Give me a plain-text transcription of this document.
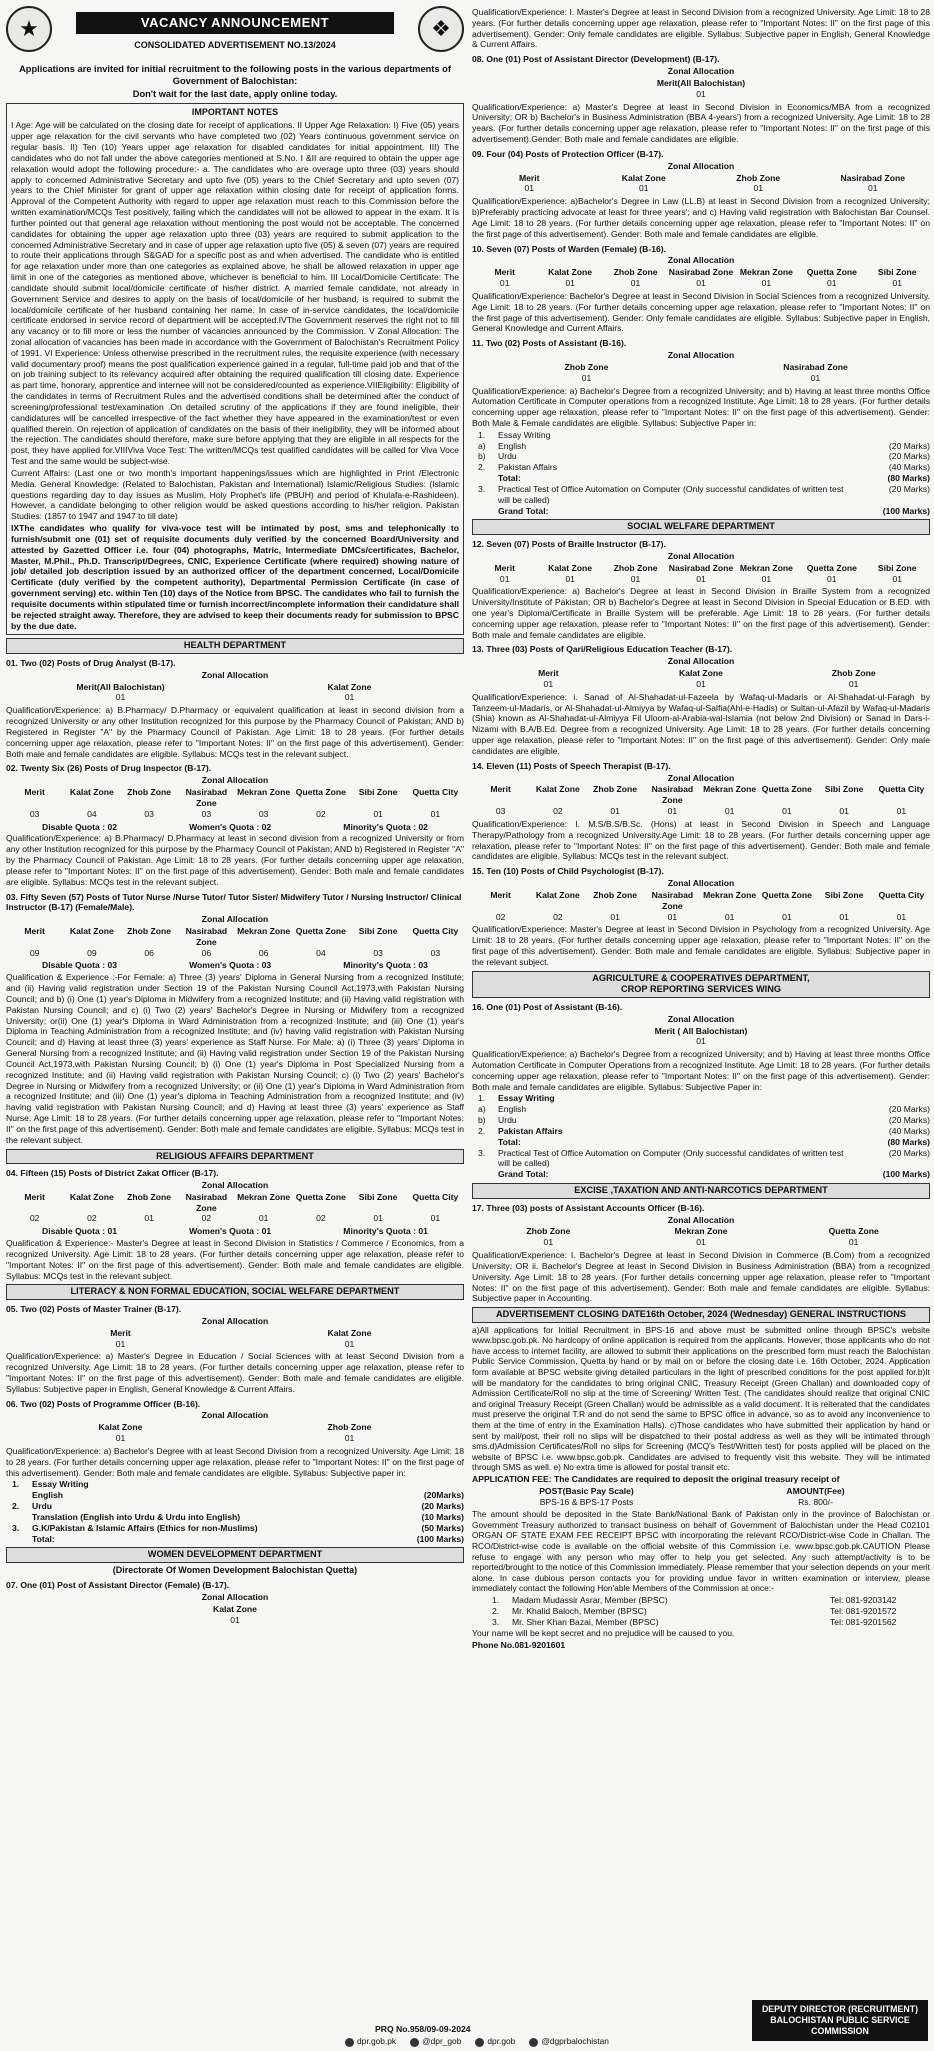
★	VACANCY ANNOUNCEMENT	❖
CONSOLIDATED ADVERTISEMENT NO.13/2024
Applications are invited for initial recruitment to the following posts in the various departments of Government of Balochistan:
Don't wait for the last date, apply online today.
IMPORTANT NOTES

I Age: Age will be calculated on the closing date for receipt of applications. II Upper Age Relaxation: I) Five (05) years upper age relaxation for the civil servants who have completed two (02) Years continuous government service on regular basis. II) Ten (10) Years upper age relaxation for disabled candidates for initial appointment. III) The candidates who do not fall under the above categories mentioned at S.No. I &II are required to obtain the upper age relaxation would adopt the following procedure:- a. The candidates who are overage upto three (03) years should apply to concerned Administrative Secretary and upto five (05) years to the Chief Secretary and upto seven (07) years to the Chief Minister for grant of upper age relaxation within closing date for receipt of application forms. Approval of the Competent Authority with regard to upper age relaxation must reach to this Commission before the written examination/MCQs Test positively, failing which the candidates will not be allowed to appear in the exam. It is further pointed out that general age relaxation without mentioning the post would not be acceptable. The concerned candidates for obtaining the upper age relaxation upto three (03) years are required to submit application to the concerned Administrative Secretary and in case of upper age relaxation upto five (05) & seven (07) years are required to route their applications through S&GAD for a specific post as and when advertised. The candidate who is entitled for age relaxation under more than one categories as explained above, he shall be allowed relaxation in upper age limit in one of the categories as mentioned above, whichever is beneficial to him. III Local/Domicile Certificate: The candidate should submit local/domicile certificate of his/her district. A married female candidate, not already in Government Service and desires to apply on the basis of local/domicile of her husband, is required to submit the local/domicile certificate of her husband containing her name. In case of in-service candidates, the local/domicile certificate endorsed in service record of department will be accepted.IVThe Government reserves the right not to fill any vacancy or to fill more or less the number of vacancies announced by the Commission. V Zonal Allocation: The zonal allocation of vacancies has been made in accordance with the Government of Balochistan's Recruitment Policy of 1991. VI Experience: Unless otherwise prescribed in the recruitment rules, the requisite experience (with necessary valid documentary proof) means the post qualification experience gained in a regular, full-time paid job and that of the on job training subject to its relevancy acquired after obtaining the required qualification till closing date. Experience as part time, honorary, apprentice and internee will not be considered/counted as experience.VIIEligibility: Eligibility of the candidates in terms of Recruitment Rules and the advertised conditions shall be determined after the conduct of screening/professional test/examination .On detailed scrutiny of the applications if they are found ineligible, their candidatures will be cancelled irrespective of the fact whether they have appeared in the examination/test or even qualified therein. On rejection of application of candidates on the basis of their ineligibility, they will be informed about the rejection. The candidates should therefore, make sure before applying that they are eligible in all respects for the post, they have applied for.VIIIViva Voce Test: The written/MCQs test qualified candidates will be called for Viva Voce Test and the same would be subject-wise.

Current Affairs: (Last one or two month's important happenings/issues which are highlighted in Print /Electronic Media. General Knowledge: (Related to Balochistan, Pakistan and International) Islamic/Religious Studies: (Islamic questions regarding day to day issues as Muslim, Holy Prophet's life (PBUH) and period of Khulafa-e-Rashideen). However, a candidate belonging to other religion would be asked questions according to his/her religion. Pakistan Studies: (1857 to 1947 and 1947 to till date)

IXThe candidates who qualify for viva-voce test will be intimated by post, sms and telephonically to furnish/submit one (01) set of requisite documents duly verified by the concerned Board/University and attested by Gazetted Officer i.e. four (04) photographs, Matric, Intermediate DMCs/certificates, Bachelor, Master, M.Phil., Ph.D. Transcript/Degrees, CNIC, Experience Certificate (where required) showing nature of job/ detailed job description issued by an authorized officer of the department concerned, Local/Domicile Certificate (duly verified by the competent authority), Departmental Permission Certificate (in case of government serving) etc. within Ten (10) days of the Notice from BPSC. The candidates who fail to furnish the requisite documents within stipulated time or furnish incorrect/incomplete information their candidature shall be rejected straight away. Therefore, they are advised to keep their documents ready for submission to BPSC by the due date.

HEALTH DEPARTMENT
01. Two (02) Posts of Drug Analyst (B-17).
Zonal Allocation
Merit(All Balochistan)	Kalat Zone
01	01

Qualification/Experience: a) B.Pharmacy/ D.Pharmacy or equivalent qualification at least in second division from a recognized University or any other Institution recognized for this purpose by the Pharmacy Council of Pakistan; AND b) Registered in Register "A" by the Pharmacy Council of Pakistan. Age Limit: 18 to 28 years. (For further details concerning upper age relaxation, please refer to "Important Notes: II" on the first page of this advertisement). Gender: Both male and female candidates are eligible. Syllabus: MCQs test in the relevant subject.

02. Twenty Six (26) Posts of Drug Inspector (B-17).
Zonal Allocation
Merit	Kalat Zone	Zhob Zone	Nasirabad Zone
Mekran Zone Quetta Zone	Sibi Zone	Quetta City
03	04	03	03	03	02	01	01
Disable Quota : 02	Women's Quota : 02	Minority's Quota : 02

Qualification/Experience: a) B.Pharmacy/ D.Pharmacy at least in second division from a recognized University or from any other Institution recognized for this purpose by the Pharmacy Council of Pakistan; AND b) Registered in Register "A" by the Pharmacy Council of Pakistan. Age Limit: 18 to 28 years. (For further details concerning upper age relaxation, please refer to "Important Notes: II" on the first page of this advertisement). Gender: Both male and female candidates are eligible. Syllabus: MCQs test in the relevant subject.

03. Fifty Seven (57) Posts of Tutor Nurse /Nurse Tutor/ Tutor Sister/ Midwifery Tutor / Nursing Instructor/ Clinical Instructor (B-17) (Female/Male).
Zonal Allocation
Merit	Kalat Zone	Zhob Zone	Nasirabad Zone
Mekran Zone Quetta Zone	Sibi Zone	Quetta City
09	09	06	06	06	04	03	03
Disable Quota : 03	Women's Quota : 03	Minority's Quota : 03

Qualification & Experience :-For Female: a) Three (3) years' Diploma in General Nursing from a recognized Institute; and (ii) Having valid registration under Section 19 of the Pakistan Nursing Council Act,1973,with Pakistan Nursing Council; and b) (i) One (1) year's Diploma in Midwifery from a recognized Institute; and (ii) Having valid registration with Pakistan Nursing Council; and c) (i) Two (2) years' Bachelor's Degree in Nursing or Midwifery from a recognized University; or(ii) One (1) year's Diploma in Ward Administration from a recognized Institute; and (iii) One (1) year's Diploma in Teaching Administration from a recognized Institute; and (iv) having valid registration with Pakistan Nursing Council; and d) Having at least three (3) years' experience as Staff Nurse. For Male: a) (i) Three (3) years' Diploma in General Nursing from a recognized Institute; and (ii) Having valid registration under Section 19 of the Pakistan Nursing Council Act,1973,with Pakistan Nursing Council; b) (i) One (1) year's Diploma in Post Specialized Nursing from a recognized Institute; and (ii) Having valid registration with Pakistan Nursing Council; c) (i) Two (2) years' Bachelor's Degree in Nursing or Midwifery from a recognized University; or (ii) One (1) year's Diploma in Ward Administration from a recognized Institute; and (iii) One (1) year's diploma in Teaching Administration from a recognized Institute; and (iv) having valid registration with Pakistan Nursing Council; and d) Having at least three (3) years' experience as Staff Nurse. Age Limit: 18 to 28 years. (For further details concerning upper age relaxation, please refer to "Important Notes: II" on the first page of this advertisement). Gender: Both male and female candidates are eligible. Syllabus: MCQs test in the relevant subject.

RELIGIOUS AFFAIRS DEPARTMENT
04. Fifteen (15) Posts of District Zakat Officer (B-17).
Zonal Allocation
Merit	Kalat Zone	Zhob Zone	Nasirabad Zone
Mekran Zone Quetta Zone	Sibi Zone	Quetta City
02	02	01	02	01	02	01	01
Disable Quota : 01	Women's Quota : 01	Minority's Quota : 01

Qualification & Experience:- Master's Degree at least in Second Division in Statistics / Commerce / Economics, from a recognized University. Age Limit: 18 to 28 years. (For further details concerning upper age relaxation, please refer to "Important Notes: II" on the first page of this advertisement). Gender: Both male and female candidates are eligible. Syllabus: MCQs test in the relevant subject.

LITERACY & NON FORMAL EDUCATION, SOCIAL WELFARE DEPARTMENT
05. Two (02) Posts of Master Trainer (B-17).
Zonal Allocation
Merit	Kalat Zone
01	01

Qualification/Experience: a) Master's Degree in Education / Social Sciences with at least Second Division from a recognized University. Age Limit: 18 to 28 years. (For further details concerning upper age relaxation, please refer to "Important Notes: II" on the first page of this advertisement). Gender: Both male and female candidates are eligible. Syllabus: Subjective paper in English, General Knowledge & Current Affairs.

06. Two (02) Posts of Programme Officer (B-16).
Zonal Allocation
Kalat Zone	Zhob Zone
01	01

Qualification/Experience: a) Bachelor's Degree with at least Second Division from a recognized University. Age Limit: 18 to 28 years. (For further details concerning upper age relaxation, please refer to "Important Notes: II" on the first page of this advertisement). Gender: Both male and female candidates are eligible. Syllabus: Subjective paper in:

1.	Essay Writing
English	(20Marks)
2.	Urdu	(20 Marks)
Translation (English into Urdu & Urdu into English)	(10 Marks)
3.	G.K/Pakistan & Islamic Affairs (Ethics for non-Muslims)	(50 Marks)
Total:	(100 Marks)
WOMEN DEVELOPMENT DEPARTMENT
(Directorate Of Women Development Balochistan Quetta)
07. One (01) Post of Assistant Director (Female) (B-17).
Zonal Allocation
Kalat Zone
01

Qualification/Experience: I. Master's Degree at least in Second Division from a recognized University. Age Limit: 18 to 28 years. (For further details concerning upper age relaxation, please refer to "Important Notes: II" on the first page of this advertisement). Gender: Only female candidates are eligible. Syllabus: Subjective paper in English, General Knowledge & Current Affairs.

08. One (01) Post of Assistant Director (Development) (B-17).
Zonal Allocation
Merit(All Balochistan)
01

Qualification/Experience: a) Master's Degree at least in Second Division in Economics/MBA from a recognized University; OR b) Bachelor's in Business Administration (BBA 4-years') from a recognized University. Age Limit: 18 to 28 years. (For further details concerning upper age relaxation, please refer to "Important Notes: II" on the first page of this advertisement).Gender: Both male and female candidates are eligible.

09. Four (04) Posts of Protection Officer (B-17).
Zonal Allocation
Merit	Kalat Zone	Zhob Zone	Nasirabad Zone
01	01	01	01

Qualification/Experience: a)Bachelor's Degree in Law (LL.B) at least in Second Division from a recognized University; b)Preferably practicing advocate at least for three years'; and c) Having valid registration with Balochistan Bar Counsel. Age Limit: 18 to 28 years. (For further details concerning upper age relaxation, please refer to "Important Notes: II" on the first page of this advertisement). Gender: Both male and female candidates are eligible.

10. Seven (07) Posts of Warden (Female) (B-16).
Zonal Allocation
Merit	Kalat Zone	Zhob Zone	Nasirabad Zone Mekran Zone	Quetta Zone	Sibi Zone
01	01	01	01	01	01	01

Qualification/Experience: Bachelor's Degree at least in Second Division in Social Sciences from a recognized University. Age Limit: 18 to 28 years. (For further details concerning upper age relaxation, please refer to "Important Notes: II" on the first page of this advertisement). Gender: Only female candidates are eligible. Syllabus: Subjective paper in English, General Knowledge and Current Affairs.

11. Two (02) Posts of Assistant (B-16).
Zonal Allocation
Zhob Zone	Nasirabad Zone
01	01

Qualification/Experience: a) Bachelor's Degree from a recognized University; and b) Having at least three months Office Automation Certificate in Computer operations from a recognized Institute. Age Limit: 18 to 28 years. (For further details concerning upper age relaxation, please refer to "Important Notes: II" on the first page of this advertisement). Gender: Both Male & Female candidates are eligible. Syllabus: Subjective Paper in:

1.	Essay Writing
a)	English	(20 Marks)
b)	Urdu	(20 Marks)
2.	Pakistan Affairs	(40 Marks)
Total:	(80 Marks)
3.	Practical Test of Office Automation on Computer (Only successful candidates of written test will be called)
(20 Marks)
Grand Total:	(100 Marks)
SOCIAL WELFARE DEPARTMENT
12. Seven (07) Posts of Braille Instructor (B-17).
Zonal Allocation
Merit	Kalat Zone	Zhob Zone	Nasirabad Zone Mekran Zone	Quetta Zone	Sibi Zone
01	01	01	01	01	01	01

Qualification/Experience: a) Bachelor's Degree at least in Second Division in Braille System from a recognized University/Institute of Pakistan; OR b) Bachelor's Degree at least in Second Division in Special Education or B.ED. with one year's Diploma/Certificate in Braille System will be preferable. Age Limit: 18 to 28 years. (For further details concerning upper age relaxation, please refer to "Important Notes: II" on the first page of this advertisement). Gender: Both male and female candidates are eligible.

13. Three (03) Posts of Qari/Religious Education Teacher (B-17).
Zonal Allocation
Merit	Kalat Zone	Zhob Zone
01	01	01

Qualification/Experience: i. Sanad of Al-Shahadat-ul-Fazeela by Wafaq-ul-Madaris or Al-Shahadat-ul-Faragh by Tanzeem-ul-Madaris, or Al-Shahadat-ul-Almiyya by Wafaq-ul-Salfia(Ahl-e-Hadis) or Sultan-ul-Afazil by Wafaq-ul-Madaris (Shia) known as Al-Shahadat-ul-Almiyya Fil Uloom-al-Arabia-wal-Islamia (not below 2nd Division) or Sanad in Dars-i-Nizami with B.A/B.Ed. Degree from a recognized University. Age Limit: 18 to 28 years. (For further details concerning upper age relaxation, please refer to "Important Notes: II" on the first page of this advertisement). Gender: Only male candidates are eligible.

14. Eleven (11) Posts of Speech Therapist (B-17).
Zonal Allocation
Merit	Kalat Zone	Zhob Zone	Nasirabad Zone
Mekran Zone Quetta Zone	Sibi Zone	Quetta City
03	02	01	01	01	01	01	01

Qualification/Experience: I. M.S/B.S/B.Sc. (Hons) at least in Second Division in Speech and Language Therapy/Pathology from a recognized University.Age Limit: 18 to 28 years. (For further details concerning upper age relaxation, please refer to "Important Notes: II" on the first page of this advertisement). Gender: Both male and female candidates are eligible. Syllabus: MCQs test in the relevant subject.

15. Ten (10) Posts of Child Psychologist (B-17).
Zonal Allocation
Merit	Kalat Zone	Zhob Zone	Nasirabad Zone
Mekran Zone Quetta Zone	Sibi Zone	Quetta City
02	02	01	01	01	01	01	01

Qualification/Experience: Master's Degree at least in Second Division in Psychology from a recognized University. Age Limit: 18 to 28 years. (For further details concerning upper age relaxation, please refer to "Important Notes: II" on the first page of this advertisement). Gender: Both male and female candidates are eligible. Syllabus: Subjective paper in the relevant subject.

AGRICULTURE & COOPERATIVES DEPARTMENT,
CROP REPORTING SERVICES WING
16. One (01) Post of Assistant (B-16).
Zonal Allocation
Merit ( All Balochistan)
01

Qualification/Experience: a) Bachelor's Degree from a recognized University; and b) Having at least three months Office Automation Certificate in Computer Operations from a recognized Institute. Age Limit: 18 to 28 years. (For further details concerning upper age relaxation, please refer to "Important Notes: II" on the first page of this advertisement). Gender: Both male and female candidates are eligible. Syllabus: Subjective Paper in:

1.	Essay Writing
a)	English	(20 Marks)
b)	Urdu	(20 Marks)
2.	Pakistan Affairs	(40 Marks)
Total:	(80 Marks)
3.	Practical Test of Office Automation on Computer (Only successful candidates of written test will be called)
(20 Marks)
Grand Total:	(100 Marks)
EXCISE ,TAXATION AND ANTI-NARCOTICS DEPARTMENT
17. Three (03) posts of Assistant Accounts Officer (B-16).
Zonal Allocation
Zhob Zone	Mekran Zone	Quetta Zone
01	01	01

Qualification/Experience: I. Bachelor's Degree at least in Second Division in Commerce (B.Com) from a recognized University; OR ii. Bachelor's Degree at least in Second Division in Business Administration (BBA) from a recognized University. Age Limit: 18 to 28 years. (For further details concerning upper age relaxation, please refer to "Important Notes: II" on the first page of this advertisement). Gender: Both male and female candidates are eligible. Syllabus: Subjective paper in Accounting.

ADVERTISEMENT CLOSING DATE16th October, 2024 (Wednesday) GENERAL INSTRUCTIONS

a)All applications for Initial Recruitment in BPS-16 and above must be submitted online through BPSC's website www.bpsc.gob.pk. No hardcopy of online application is required from the applicants. However, those applicants who do not have access to internet facility, are allowed to submit their applications on the prescribed form must reach the Balochistan Public Service Commission, Quetta by hand or by mail on or before the closing date i.e. 16th October, 2024. Application form available at BPSC website giving detailed particulars in the light of prescribed conditions for the post applied for.b)It will be mandatory for the candidates to bring original CNIC, Treasury Receipt (Green Challan) and downloaded copy of Admission Certificate/Roll no slip at the time of Screening/ Written Test. (The candidates should realize that original CNIC and original Treasury Receipt (Green Challan) would be admissible as a valid document. It is reiterated that the candidates must preserve the original T.R and do not send the same to BPSC office in advance, so as to avoid any inconvenience to them at the time of entry in the Examination Halls). c)Those candidates who have submitted their application by hand or sent by mail/post, their roll no slips will be dispatched to their postal address as well as they will be intimated through sms.d)Admission Certificates/Roll no slips for Screening (MCQ's Test/Written test) for posts applied will be placed on the website of BPSC i.e. www.bpsc.gob.pk. Candidates are advised to frequently visit this website. They will be intimated through SMS as well. e) No extra time is allowed for postal transit etc.

APPLICATION FEE: The Candidates are required to deposit the original treasury receipt of

POST(Basic Pay Scale)	AMOUNT(Fee)
BPS-16 & BPS-17 Posts	Rs. 800/-

The amount should be deposited in the State Bank/National Bank of Pakistan only in the province of Balochistan or Government Treasury authorized to transact business on behalf of Government of Balochistan under the Head C02101 ORGAN OF STATE EXAM FEE RECEIPT BPSC with incorporating the relevant RCO/District-wise Code in Challan. The RCO/District-wise code is available on the official website of this Commission i.e. www.bpsc.gob.pk.CAUTION Please refuse to engage with any person who may offer to help you get selected. Any such attempt/activity is to be reported/brought to the notice of this Commission immediately. Please remember that your selection depends on your merit alone. In case dubious person contacts you for providing undue favor in written examination or interview, please immediately contact the following Hon'able Members of the Commission at once:-

1.	Madam Mudassir Asrar, Member (BPSC)	Tel: 081-9203142
2.	Mr. Khalid Baloch, Member (BPSC)	Tel: 081-9201572
3.	Mr. Sher Khan Bazai, Member (BPSC)	Tel: 081-9201562

Your name will be kept secret and no prejudice will be caused to you.

Phone No.081-9201601

PRQ No.958/09-09-2024
dpr.gob.pk	@dpr_gob	dpr.gob	@dgprbalochistan
DEPUTY DIRECTOR (RECRUITMENT)
BALOCHISTAN PUBLIC SERVICE COMMISSION
